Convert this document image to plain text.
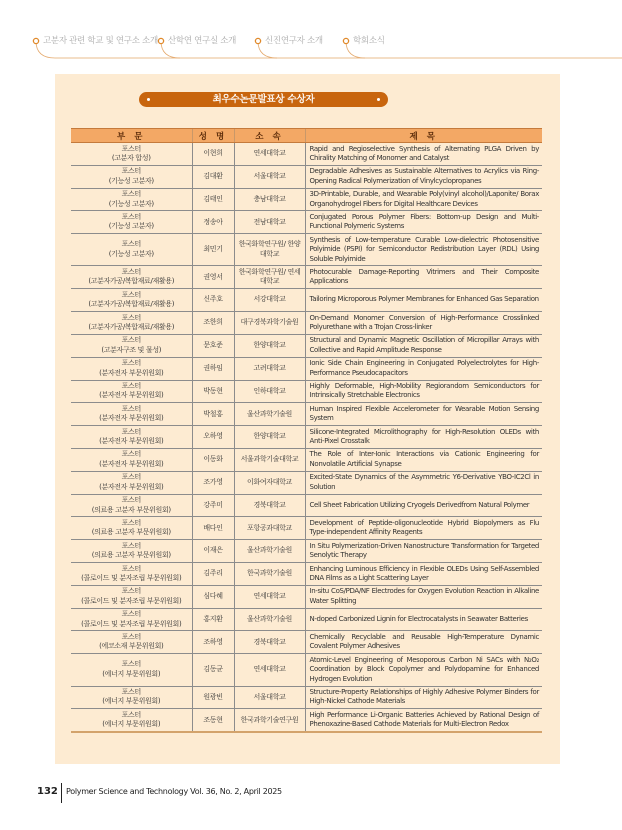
고분자 관련 학교 및 연구소 소개 산학연 연구실 소개	신진연구자 소개	학회소식
최우수논문발표상 수상자
부 문	성 명	소 속	제 목

포스터
(고분자 합성)	이현희	연세대학교	Rapid and Regioselective Synthesis of Alternating PLGA Driven by Chirality Matching of Monomer and Catalyst

포스터
(기능성 고분자)	김대환	서울대학교	Degradable Adhesives as Sustainable Alternatives to Acrylics via Ring-Opening Radical Polymerization of Vinylcyclopropanes

포스터
(기능성 고분자)	김태인	충남대학교	3D-Printable, Durable, and Wearable Poly(vinyl alcohol)/Laponite/ Borax Organohydrogel Fibers for Digital Healthcare Devices

포스터
(기능성 고분자)	정송아	전남대학교	Conjugated Porous Polymer Fibers: Bottom-up Design and Multi-Functional Polymeric Systems

포스터
(기능성 고분자)	최민기	한국화학연구원/ 한양대학교	Synthesis of Low-temperature Curable Low-dielectric Photosensitive Polyimide (PSPI) for Semiconductor Redistribution Layer (RDL) Using Soluble Polyimide

포스터
(고분자가공/복합재료/재활용)	권영서	한국화학연구원/ 연세대학교	Photocurable Damage-Reporting Vitrimers and Their Composite Applications

포스터
(고분자가공/복합재료/재활용)	신주호	서강대학교	Tailoring Microporous Polymer Membranes for Enhanced Gas Separation

포스터
(고분자가공/복합재료/재활용)	조한희	대구경북과학기술원	On-Demand Monomer Conversion of High-Performance Crosslinked Polyurethane with a Trojan Cross-linker

포스터
(고분자구조 및 물성)	문호준	한양대학교	Structural and Dynamic Magnetic Oscillation of Micropillar Arrays with Collective and Rapid Amplitude Response

포스터
(분자전자 부문위원회)	권하임	고려대학교	Ionic Side Chain Engineering in Conjugated Polyelectrolytes for High-Performance Pseudocapacitors

포스터
(분자전자 부문위원회)	박동현	인하대학교	Highly Deformable, High-Mobility Regiorandom Semiconductors for Intrinsically Stretchable Electronics

포스터
(분자전자 부문위원회)	박철홍	울산과학기술원	Human Inspired Flexible Accelerometer for Wearable Motion Sensing System

포스터
(분자전자 부문위원회)	오하영	한양대학교	Silicone-Integrated Microlithography for High-Resolution OLEDs with Anti-Pixel Crosstalk

포스터
(분자전자 부문위원회)	이동화	서울과학기술대학교	The Role of Inter-Ionic Interactions via Cationic Engineering for Nonvolatile Artificial Synapse

포스터
(분자전자 부문위원회)	조가영	이화여자대학교	Excited-State Dynamics of the Asymmetric Y6-Derivative YBO-IC2Cl in Solution

포스터
(의료용 고분자 부문위원회)	강주미	경북대학교	Cell Sheet Fabrication Utilizing Cryogels Derivedfrom Natural Polymer

포스터
(의료용 고분자 부문위원회)	배다인	포항공과대학교	Development of Peptide-oligonucleotide Hybrid Biopolymers as Flu Type-independent Affinity Reagents

포스터
(의료용 고분자 부문위원회)	이재은	울산과학기술원	In Situ Polymerization-Driven Nanostructure Transformation for Targeted Senolytic Therapy

포스터
(콜로이드 및 분자조립 부문위원회)	김주리	한국과학기술원	Enhancing Luminous Efficiency in Flexible OLEDs Using Self-Assembled DNA Films as a Light Scattering Layer

포스터
(콜로이드 및 분자조립 부문위원회)	심다혜	연세대학교	In-situ CoS/PDA/NF Electrodes for Oxygen Evolution Reaction in Alkaline Water Splitting

포스터
(콜로이드 및 분자조립 부문위원회)	홍지환	울산과학기술원	N-doped Carbonized Lignin for Electrocatalysts in Seawater Batteries

포스터
(에코소재 부문위원회)	조하영	경북대학교	Chemically Recyclable and Reusable High-Temperature Dynamic Covalent Polymer Adhesives

포스터
(에너지 부문위원회)	김동균	연세대학교	Atomic-Level Engineering of Mesoporous Carbon Ni SACs with N₂O₂ Coordination by Block Copolymer and Polydopamine for Enhanced Hydrogen Evolution

포스터
(에너지 부문위원회)	원광빈	서울대학교	Structure-Property Relationships of Highly Adhesive Polymer Binders for High-Nickel Cathode Materials

포스터
(에너지 부문위원회)	조동현	한국과학기술연구원	High Performance Li-Organic Batteries Achieved by Rational Design of Phenoxazine-Based Cathode Materials for Multi-Electron Redox
132 Polymer Science and Technology Vol. 36, No. 2, April 2025
